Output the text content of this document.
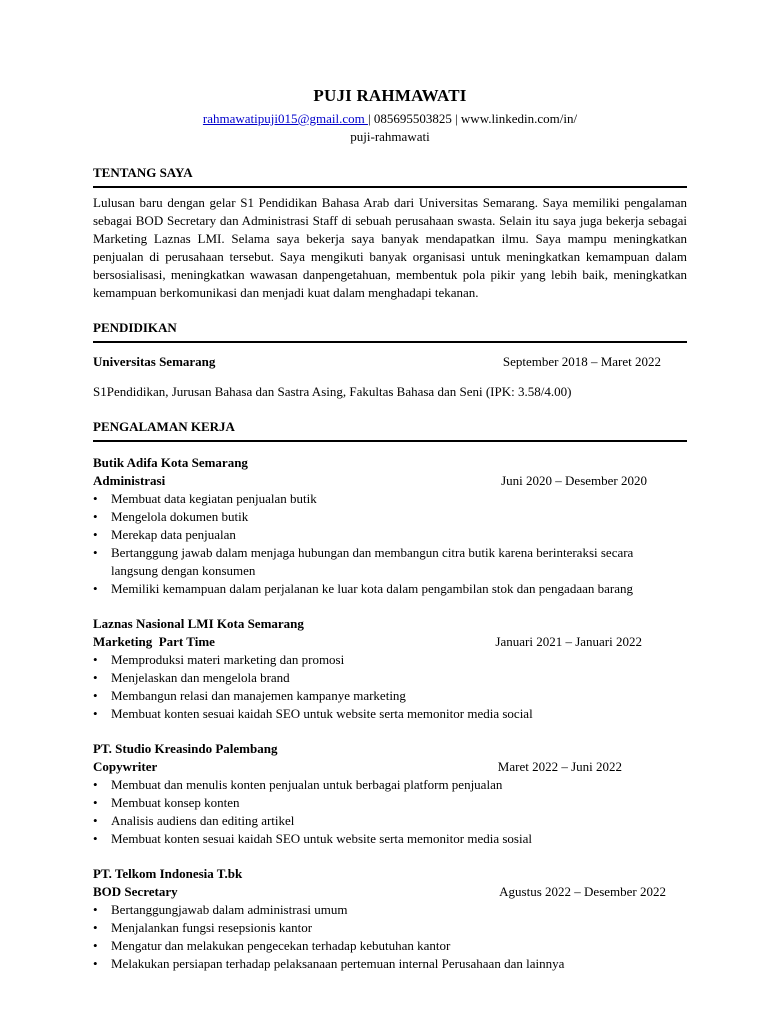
PUJI RAHMAWATI
rahmawatipuji015@gmail.com | 085695503825 | www.linkedin.com/in/
puji-rahmawati
TENTANG SAYA

Lulusan baru dengan gelar S1 Pendidikan Bahasa Arab dari Universitas Semarang. Saya memiliki pengalaman sebagai BOD Secretary dan Administrasi Staff di sebuah perusahaan swasta. Selain itu saya juga bekerja sebagai Marketing Laznas LMI. Selama saya bekerja saya banyak mendapatkan ilmu. Saya mampu meningkatkan penjualan di perusahaan tersebut. Saya mengikuti banyak organisasi untuk meningkatkan kemampuan dalam bersosialisasi, meningkatkan wawasan danpengetahuan, membentuk pola pikir yang lebih baik, meningkatkan kemampuan berkomunikasi dan menjadi kuat dalam menghadapi tekanan.

PENDIDIKAN
Universitas Semarang	September 2018 – Maret 2022
S1Pendidikan, Jurusan Bahasa dan Sastra Asing, Fakultas Bahasa dan Seni (IPK: 3.58/4.00)
PENGALAMAN KERJA
Butik Adifa Kota Semarang
Administrasi	Juni 2020 – Desember 2020
• Membuat data kegiatan penjualan butik
• Mengelola dokumen butik
• Merekap data penjualan
• Bertanggung jawab dalam menjaga hubungan dan membangun citra butik karena berinteraksi secara langsung dengan konsumen
• Memiliki kemampuan dalam perjalanan ke luar kota dalam pengambilan stok dan pengadaan barang
Laznas Nasional LMI Kota Semarang
Marketing  Part Time	Januari 2021 – Januari 2022
• Memproduksi materi marketing dan promosi
• Menjelaskan dan mengelola brand
• Membangun relasi dan manajemen kampanye marketing
• Membuat konten sesuai kaidah SEO untuk website serta memonitor media social
PT. Studio Kreasindo Palembang
Copywriter	Maret 2022 – Juni 2022
• Membuat dan menulis konten penjualan untuk berbagai platform penjualan
• Membuat konsep konten
• Analisis audiens dan editing artikel
• Membuat konten sesuai kaidah SEO untuk website serta memonitor media sosial
PT. Telkom Indonesia T.bk
BOD Secretary	Agustus 2022 – Desember 2022
• Bertanggungjawab dalam administrasi umum
• Menjalankan fungsi resepsionis kantor
• Mengatur dan melakukan pengecekan terhadap kebutuhan kantor
• Melakukan persiapan terhadap pelaksanaan pertemuan internal Perusahaan dan lainnya
